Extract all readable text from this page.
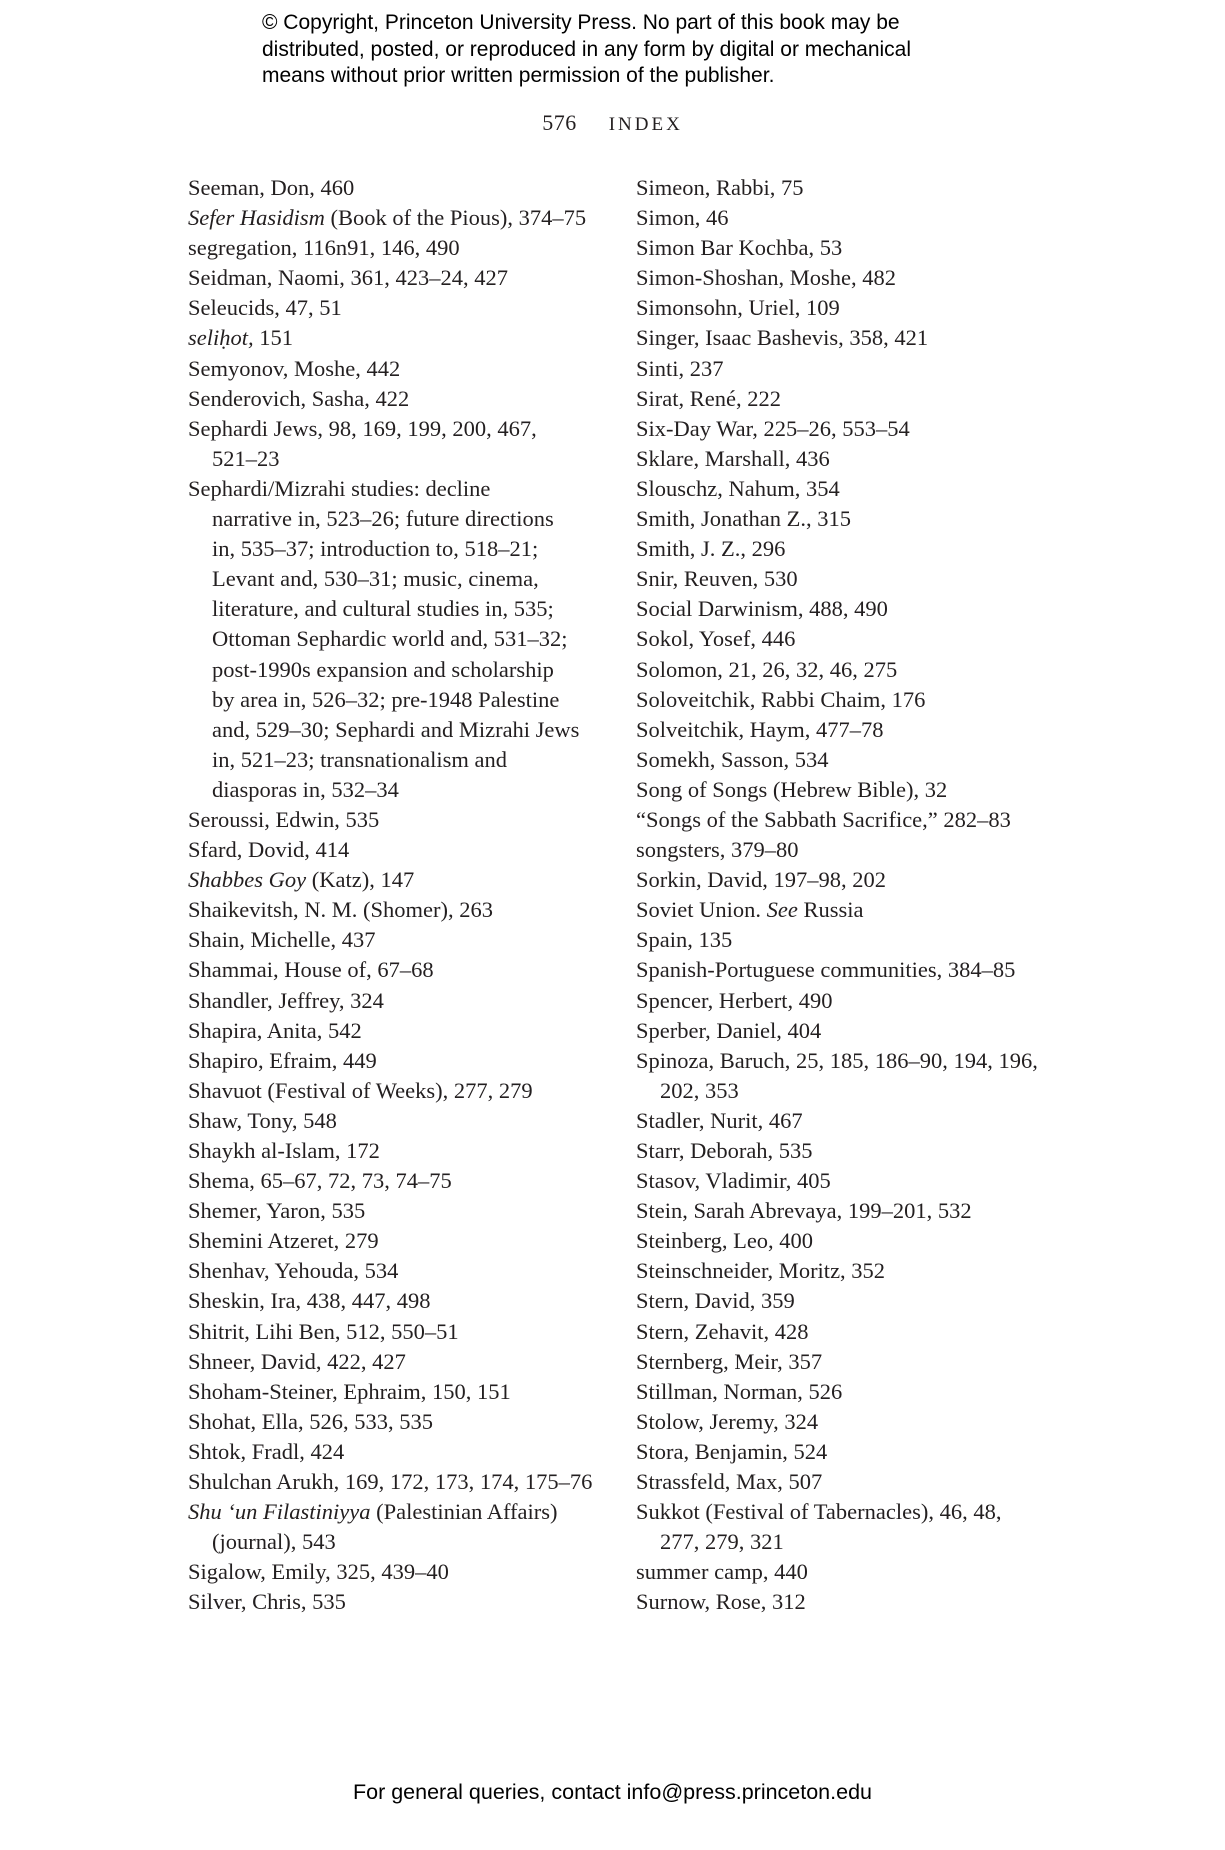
© Copyright, Princeton University Press. No part of this book may be
distributed, posted, or reproduced in any form by digital or mechanical
means without prior written permission of the publisher.
576 INDEX
Seeman, Don, 460
Sefer Hasidism (Book of the Pious), 374–75
segregation, 116n91, 146, 490
Seidman, Naomi, 361, 423–24, 427
Seleucids, 47, 51
seliḥot, 151
Semyonov, Moshe, 442
Senderovich, Sasha, 422
Sephardi Jews, 98, 169, 199, 200, 467,
521–23
Sephardi/Mizrahi studies: decline
narrative in, 523–26; future directions
in, 535–37; introduction to, 518–21;
Levant and, 530–31; music, cinema,
literature, and cultural studies in, 535;
Ottoman Sephardic world and, 531–32;
post-1990s expansion and scholarship
by area in, 526–32; pre-1948 Palestine
and, 529–30; Sephardi and Mizrahi Jews
in, 521–23; transnationalism and
diasporas in, 532–34
Seroussi, Edwin, 535
Sfard, Dovid, 414
Shabbes Goy (Katz), 147
Shaikevitsh, N. M. (Shomer), 263
Shain, Michelle, 437
Shammai, House of, 67–68
Shandler, Jeffrey, 324
Shapira, Anita, 542
Shapiro, Efraim, 449
Shavuot (Festival of Weeks), 277, 279
Shaw, Tony, 548
Shaykh al-Islam, 172
Shema, 65–67, 72, 73, 74–75
Shemer, Yaron, 535
Shemini Atzeret, 279
Shenhav, Yehouda, 534
Sheskin, Ira, 438, 447, 498
Shitrit, Lihi Ben, 512, 550–51
Shneer, David, 422, 427
Shoham-Steiner, Ephraim, 150, 151
Shohat, Ella, 526, 533, 535
Shtok, Fradl, 424
Shulchan Arukh, 169, 172, 173, 174, 175–76
Shu ‘un Filastiniyya (Palestinian Affairs)
(journal), 543
Sigalow, Emily, 325, 439–40
Silver, Chris, 535
Simeon, Rabbi, 75
Simon, 46
Simon Bar Kochba, 53
Simon-Shoshan, Moshe, 482
Simonsohn, Uriel, 109
Singer, Isaac Bashevis, 358, 421
Sinti, 237
Sirat, René, 222
Six-Day War, 225–26, 553–54
Sklare, Marshall, 436
Slouschz, Nahum, 354
Smith, Jonathan Z., 315
Smith, J. Z., 296
Snir, Reuven, 530
Social Darwinism, 488, 490
Sokol, Yosef, 446
Solomon, 21, 26, 32, 46, 275
Soloveitchik, Rabbi Chaim, 176
Solveitchik, Haym, 477–78
Somekh, Sasson, 534
Song of Songs (Hebrew Bible), 32
“Songs of the Sabbath Sacrifice,” 282–83
songsters, 379–80
Sorkin, David, 197–98, 202
Soviet Union. See Russia
Spain, 135
Spanish-Portuguese communities, 384–85
Spencer, Herbert, 490
Sperber, Daniel, 404
Spinoza, Baruch, 25, 185, 186–90, 194, 196,
202, 353
Stadler, Nurit, 467
Starr, Deborah, 535
Stasov, Vladimir, 405
Stein, Sarah Abrevaya, 199–201, 532
Steinberg, Leo, 400
Steinschneider, Moritz, 352
Stern, David, 359
Stern, Zehavit, 428
Sternberg, Meir, 357
Stillman, Norman, 526
Stolow, Jeremy, 324
Stora, Benjamin, 524
Strassfeld, Max, 507
Sukkot (Festival of Tabernacles), 46, 48,
277, 279, 321
summer camp, 440
Surnow, Rose, 312
For general queries, contact info@press.princeton.edu
